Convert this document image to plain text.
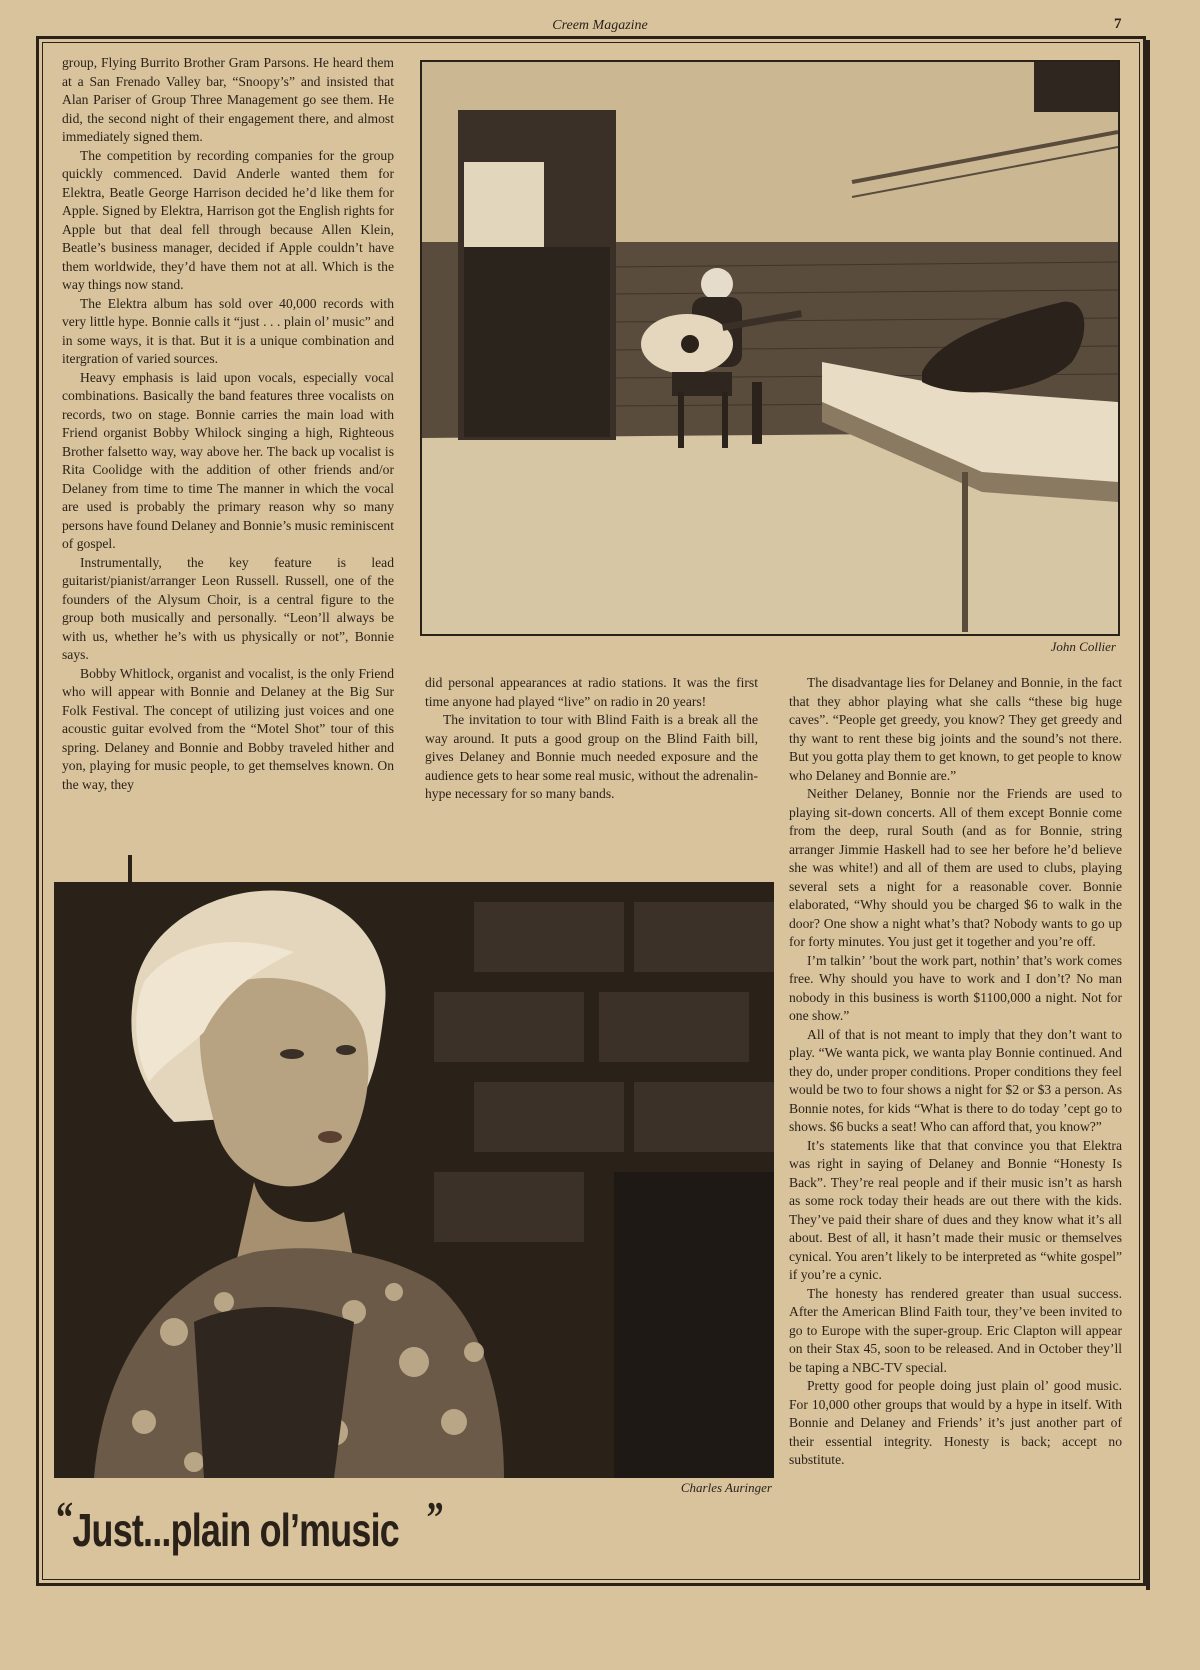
Creem Magazine	7

group, Flying Burrito Brother Gram Parsons. He heard them at a San Frenado Valley bar, “Snoopy’s” and insisted that Alan Pariser of Group Three Management go see them. He did, the second night of their engagement there, and almost immediately signed them.

The competition by recording companies for the group quickly commenced. David Anderle wanted them for Elektra, Beatle George Harrison decided he’d like them for Apple. Signed by Elektra, Harrison got the English rights for Apple but that deal fell through because Allen Klein, Beatle’s business manager, decided if Apple couldn’t have them worldwide, they’d have them not at all. Which is the way things now stand.

The Elektra album has sold over 40,000 records with very little hype. Bonnie calls it “just . . . plain ol’ music” and in some ways, it is that. But it is a unique combination and itergration of varied sources.

Heavy emphasis is laid upon vocals, especially vocal combinations. Basically the band features three vocalists on records, two on stage. Bonnie carries the main load with Friend organist Bobby Whilock singing a high, Righteous Brother falsetto way, way above her. The back up vocalist is Rita Coolidge with the addition of other friends and/or Delaney from time to time The manner in which the vocal are used is probably the primary reason why so many persons have found Delaney and Bonnie’s music reminiscent of gospel.

Instrumentally, the key feature is lead guitarist/pianist/arranger Leon Russell. Russell, one of the founders of the Alysum Choir, is a central figure to the group both musically and personally. “Leon’ll always be with us, whether he’s with us physically or not”, Bonnie says.

Bobby Whitlock, organist and vocalist, is the only Friend who will appear with Bonnie and Delaney at the Big Sur Folk Festival. The concept of utilizing just voices and one acoustic guitar evolved from the “Motel Shot” tour of this spring. Delaney and Bonnie and Bobby traveled hither and yon, playing for music people, to get themselves known. On the way, they

John Collier

did personal appearances at radio stations. It was the first time anyone had played “live” on radio in 20 years!

The invitation to tour with Blind Faith is a break all the way around. It puts a good group on the Blind Faith bill, gives Delaney and Bonnie much needed exposure and the audience gets to hear some real music, without the adrenalin-hype necessary for so many bands.

The disadvantage lies for Delaney and Bonnie, in the fact that they abhor playing what she calls “these big huge caves”. “People get greedy, you know? They get greedy and thy want to rent these big joints and the sound’s not there. But you gotta play them to get known, to get people to know who Delaney and Bonnie are.”

Neither Delaney, Bonnie nor the Friends are used to playing sit-down concerts. All of them except Bonnie come from the deep, rural South (and as for Bonnie, string arranger Jimmie Haskell had to see her before he’d believe she was white!) and all of them are used to clubs, playing several sets a night for a reasonable cover. Bonnie elaborated, “Why should you be charged $6 to walk in the door? One show a night what’s that? Nobody wants to go up for forty minutes. You just get it together and you’re off.

I’m talkin’ ’bout the work part, nothin’ that’s work comes free. Why should you have to work and I don’t? No man nobody in this business is worth $1100,000 a night. Not for one show.”

All of that is not meant to imply that they don’t want to play. “We wanta pick, we wanta play Bonnie continued. And they do, under proper conditions. Proper conditions they feel would be two to four shows a night for $2 or $3 a person. As Bonnie notes, for kids “What is there to do today ’cept go to shows. $6 bucks a seat! Who can afford that, you know?”

It’s statements like that that convince you that Elektra was right in saying of Delaney and Bonnie “Honesty Is Back”. They’re real people and if their music isn’t as harsh as some rock today their heads are out there with the kids. They’ve paid their share of dues and they know what it’s all about. Best of all, it hasn’t made their music or themselves cynical. You aren’t likely to be interpreted as “white gospel” if you’re a cynic.

The honesty has rendered greater than usual success. After the American Blind Faith tour, they’ve been invited to go to Europe with the super-group. Eric Clapton will appear on their Stax 45, soon to be released. And in October they’ll be taping a NBC-TV special.

Pretty good for people doing just plain ol’ good music. For 10,000 other groups that would by a hype in itself. With Bonnie and Delaney and Friends’ it’s just another part of their essential integrity. Honesty is back; accept no substitute.

Charles Auringer
“Just...plain ol’music ”
